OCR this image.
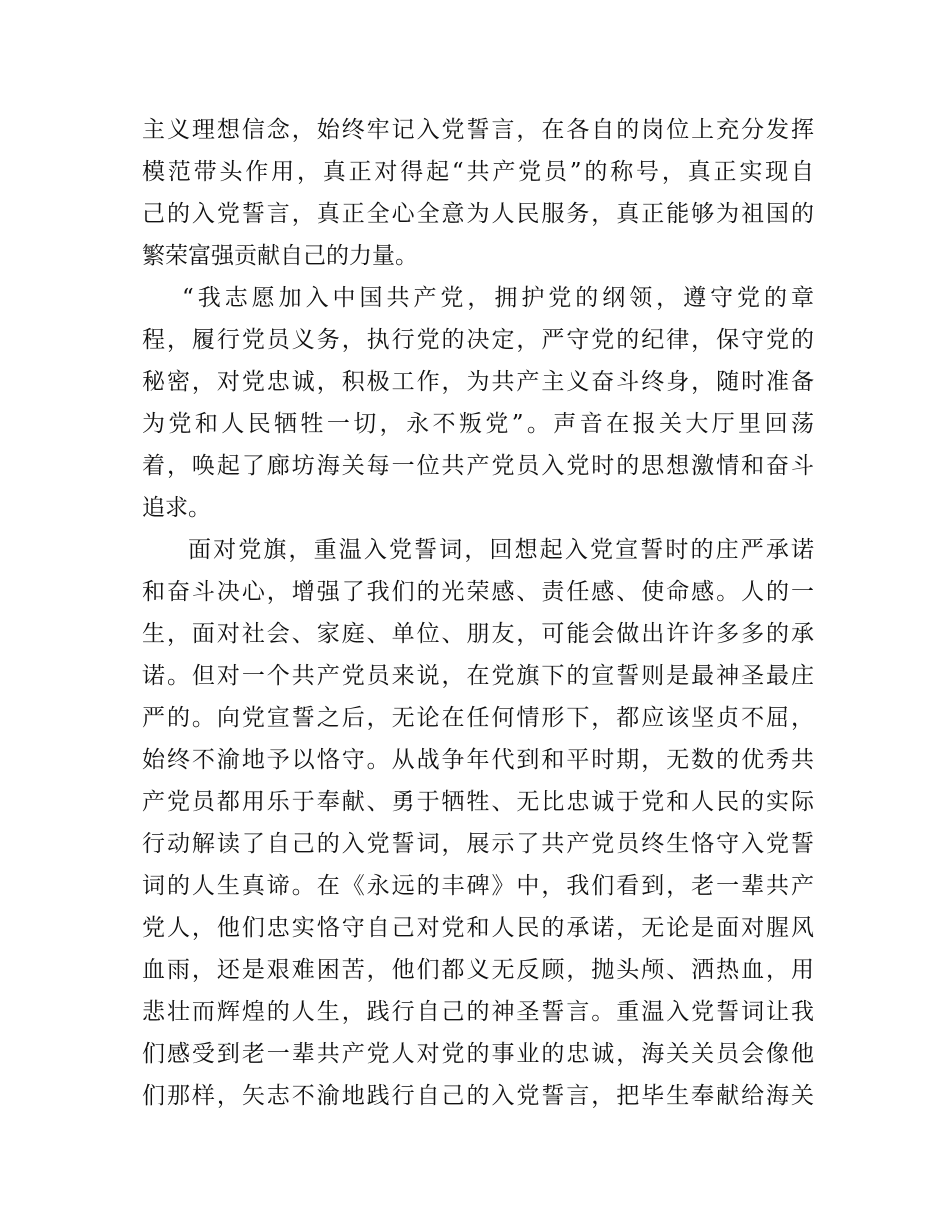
主义理想信念，始终牢记入党誓言，在各自的岗位上充分发挥
模范带头作用，真正对得起“共产党员”的称号，真正实现自
己的入党誓言，真正全心全意为人民服务，真正能够为祖国的
繁荣富强贡献自己的力量。
“我志愿加入中国共产党，拥护党的纲领，遵守党的章
程，履行党员义务，执行党的决定，严守党的纪律，保守党的
秘密，对党忠诚，积极工作，为共产主义奋斗终身，随时准备
为党和人民牺牲一切，永不叛党”。声音在报关大厅里回荡
着，唤起了廊坊海关每一位共产党员入党时的思想激情和奋斗
追求。
面对党旗，重温入党誓词，回想起入党宣誓时的庄严承诺
和奋斗决心，增强了我们的光荣感、责任感、使命感。人的一
生，面对社会、家庭、单位、朋友，可能会做出许许多多的承
诺。但对一个共产党员来说，在党旗下的宣誓则是最神圣最庄
严的。向党宣誓之后，无论在任何情形下，都应该坚贞不屈，
始终不渝地予以恪守。从战争年代到和平时期，无数的优秀共
产党员都用乐于奉献、勇于牺牲、无比忠诚于党和人民的实际
行动解读了自己的入党誓词，展示了共产党员终生恪守入党誓
词的人生真谛。在《永远的丰碑》中，我们看到，老一辈共产
党人，他们忠实恪守自己对党和人民的承诺，无论是面对腥风
血雨，还是艰难困苦，他们都义无反顾，抛头颅、洒热血，用
悲壮而辉煌的人生，践行自己的神圣誓言。重温入党誓词让我
们感受到老一辈共产党人对党的事业的忠诚，海关关员会像他
们那样，矢志不渝地践行自己的入党誓言，把毕生奉献给海关
